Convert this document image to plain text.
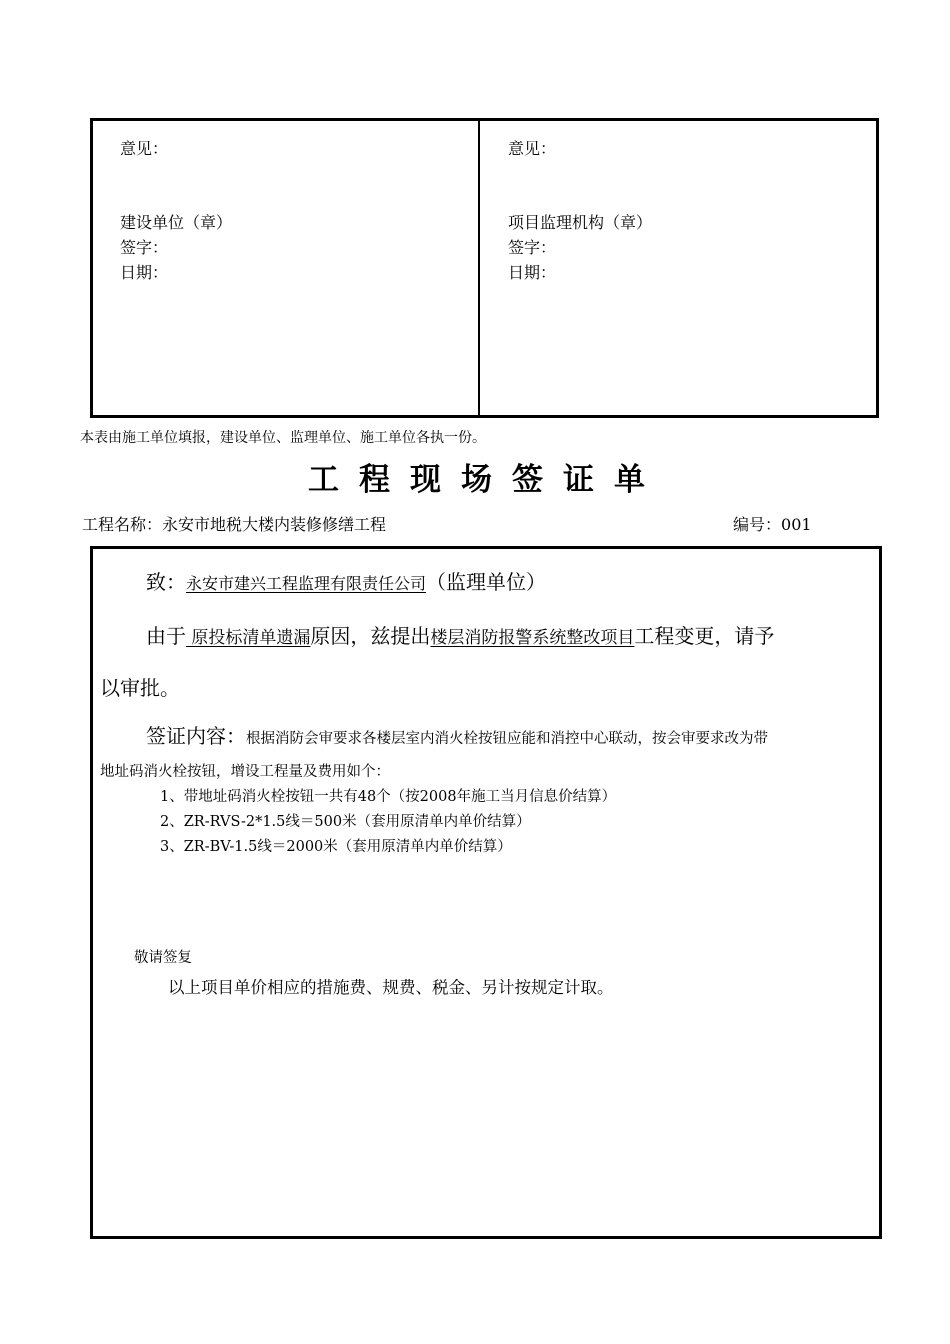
意见：
建设单位（章）
签字：
日期：
意见：
项目监理机构（章）
签字：
日期：
本表由施工单位填报，建设单位、监理单位、施工单位各执一份。
工程现场签证单
工程名称：永安市地税大楼内装修修缮工程	编号：001
致：永安市建兴工程监理有限责任公司（监理单位）
由于 原投标清单遗漏原因，兹提出楼层消防报警系统整改项目工程变更，请予
以审批。
签证内容：根据消防会审要求各楼层室内消火栓按钮应能和消控中心联动，按会审要求改为带
地址码消火栓按钮，增设工程量及费用如个：
1、带地址码消火栓按钮一共有48个（按2008年施工当月信息价结算）
2、ZR-RVS-2*1.5线＝500米（套用原清单内单价结算）
3、ZR-BV-1.5线＝2000米（套用原清单内单价结算）
敬请签复
以上项目单价相应的措施费、规费、税金、另计按规定计取。
